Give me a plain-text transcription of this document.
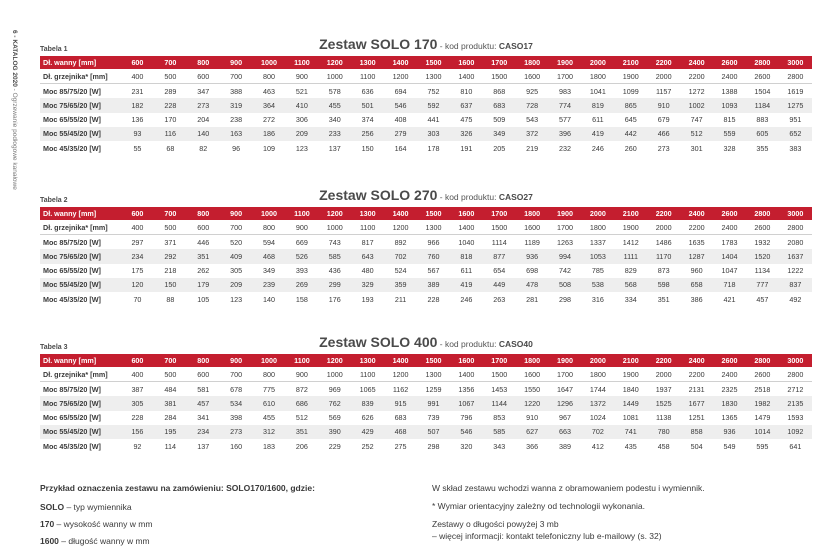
6 - KATALOG 2020 - Ogrzewanie podłogowe kanałowe
Tabela 1	Zestaw SOLO 170 - kod produktu: CASO17
Dł. wanny [mm]	600	700	800	900	1000	1100	1200	1300	1400	1500	1600	1700	1800	1900	2000	2100	2200	2400	2600	2800	3000
Dł. grzejnika* [mm]	400	500	600	700	800	900	1000	1100	1200	1300	1400	1500	1600	1700	1800	1900	2000	2200	2400	2600	2800
Moc 85/75/20 [W]	231	289	347	388	463	521	578	636	694	752	810	868	925	983	1041	1099	1157	1272	1388	1504	1619
Moc 75/65/20 [W]	182	228	273	319	364	410	455	501	546	592	637	683	728	774	819	865	910	1002	1093	1184	1275
Moc 65/55/20 [W]	136	170	204	238	272	306	340	374	408	441	475	509	543	577	611	645	679	747	815	883	951
Moc 55/45/20 [W]	93	116	140	163	186	209	233	256	279	303	326	349	372	396	419	442	466	512	559	605	652
Moc 45/35/20 [W]	55	68	82	96	109	123	137	150	164	178	191	205	219	232	246	260	273	301	328	355	383
Tabela 2	Zestaw SOLO 270 - kod produktu: CASO27
Dł. wanny [mm]	600	700	800	900	1000	1100	1200	1300	1400	1500	1600	1700	1800	1900	2000	2100	2200	2400	2600	2800	3000
Dł. grzejnika* [mm]	400	500	600	700	800	900	1000	1100	1200	1300	1400	1500	1600	1700	1800	1900	2000	2200	2400	2600	2800
Moc 85/75/20 [W]	297	371	446	520	594	669	743	817	892	966	1040	1114	1189	1263	1337	1412	1486	1635	1783	1932	2080
Moc 75/65/20 [W]	234	292	351	409	468	526	585	643	702	760	818	877	936	994	1053	1111	1170	1287	1404	1520	1637
Moc 65/55/20 [W]	175	218	262	305	349	393	436	480	524	567	611	654	698	742	785	829	873	960	1047	1134	1222
Moc 55/45/20 [W]	120	150	179	209	239	269	299	329	359	389	419	449	478	508	538	568	598	658	718	777	837
Moc 45/35/20 [W]	70	88	105	123	140	158	176	193	211	228	246	263	281	298	316	334	351	386	421	457	492
Tabela 3	Zestaw SOLO 400 - kod produktu: CASO40
Dł. wanny [mm]	600	700	800	900	1000	1100	1200	1300	1400	1500	1600	1700	1800	1900	2000	2100	2200	2400	2600	2800	3000
Dł. grzejnika* [mm]	400	500	600	700	800	900	1000	1100	1200	1300	1400	1500	1600	1700	1800	1900	2000	2200	2400	2600	2800
Moc 85/75/20 [W]	387	484	581	678	775	872	969	1065	1162	1259	1356	1453	1550	1647	1744	1840	1937	2131	2325	2518	2712
Moc 75/65/20 [W]	305	381	457	534	610	686	762	839	915	991	1067	1144	1220	1296	1372	1449	1525	1677	1830	1982	2135
Moc 65/55/20 [W]	228	284	341	398	455	512	569	626	683	739	796	853	910	967	1024	1081	1138	1251	1365	1479	1593
Moc 55/45/20 [W]	156	195	234	273	312	351	390	429	468	507	546	585	627	663	702	741	780	858	936	1014	1092
Moc 45/35/20 [W]	92	114	137	160	183	206	229	252	275	298	320	343	366	389	412	435	458	504	549	595	641
Przykład oznaczenia zestawu na zamówieniu: SOLO170/1600, gdzie:
SOLO – typ wymiennika
170 – wysokość wanny w mm
1600 – długość wanny w mm
W skład zestawu wchodzi wanna z obramowaniem podestu i wymiennik.
* Wymiar orientacyjny zależny od technologii wykonania.
Zestawy o długości powyżej 3 mb
– więcej informacji: kontakt telefoniczny lub e-mailowy (s. 32)
